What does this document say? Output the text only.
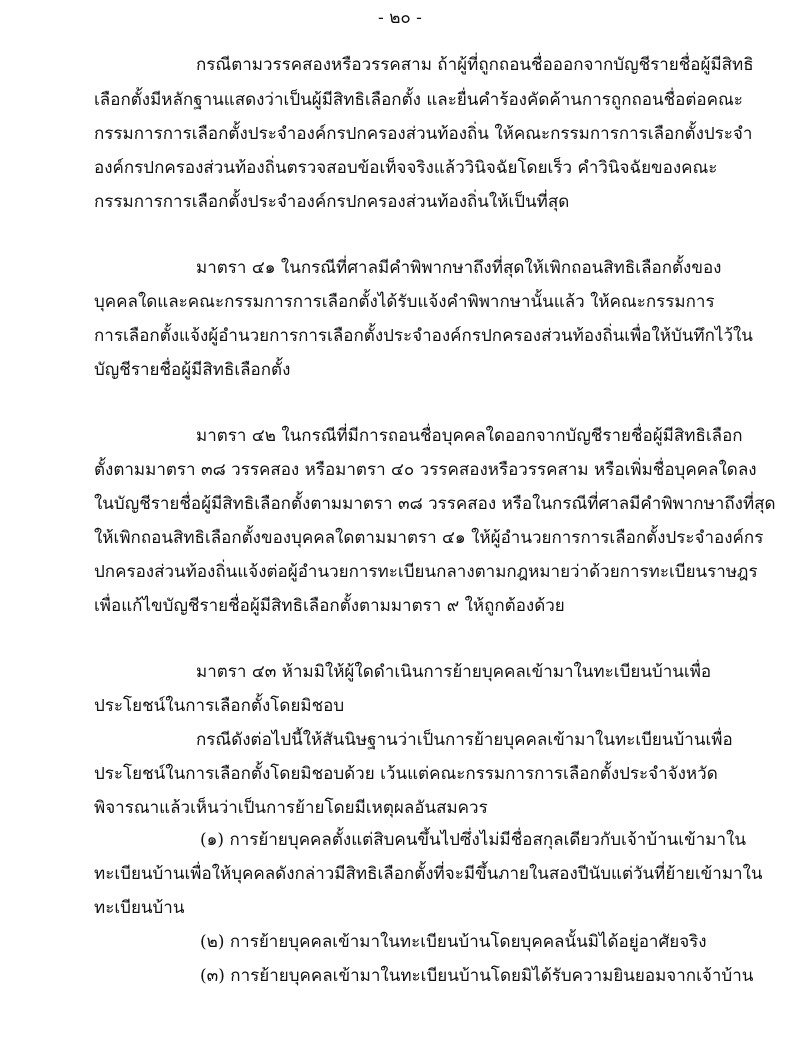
- ๒๐ -
กรณีตามวรรคสองหรือวรรคสาม ถ้าผู้ที่ถูกถอนชื่อออกจากบัญชีรายชื่อผู้มีสิทธิ
เลือกตั้งมีหลักฐานแสดงว่าเป็นผู้มีสิทธิเลือกตั้ง และยื่นคำร้องคัดค้านการถูกถอนชื่อต่อคณะ
กรรมการการเลือกตั้งประจำองค์กรปกครองส่วนท้องถิ่น ให้คณะกรรมการการเลือกตั้งประจำ
องค์กรปกครองส่วนท้องถิ่นตรวจสอบข้อเท็จจริงแล้ววินิจฉัยโดยเร็ว คำวินิจฉัยของคณะ
กรรมการการเลือกตั้งประจำองค์กรปกครองส่วนท้องถิ่นให้เป็นที่สุด
มาตรา ๔๑ ในกรณีที่ศาลมีคำพิพากษาถึงที่สุดให้เพิกถอนสิทธิเลือกตั้งของ
บุคคลใดและคณะกรรมการการเลือกตั้งได้รับแจ้งคำพิพากษานั้นแล้ว ให้คณะกรรมการ
การเลือกตั้งแจ้งผู้อำนวยการการเลือกตั้งประจำองค์กรปกครองส่วนท้องถิ่นเพื่อให้บันทึกไว้ใน
บัญชีรายชื่อผู้มีสิทธิเลือกตั้ง
มาตรา ๔๒ ในกรณีที่มีการถอนชื่อบุคคลใดออกจากบัญชีรายชื่อผู้มีสิทธิเลือก
ตั้งตามมาตรา ๓๘ วรรคสอง หรือมาตรา ๔๐ วรรคสองหรือวรรคสาม หรือเพิ่มชื่อบุคคลใดลง
ในบัญชีรายชื่อผู้มีสิทธิเลือกตั้งตามมาตรา ๓๘ วรรคสอง หรือในกรณีที่ศาลมีคำพิพากษาถึงที่สุด
ให้เพิกถอนสิทธิเลือกตั้งของบุคคลใดตามมาตรา ๔๑ ให้ผู้อำนวยการการเลือกตั้งประจำองค์กร
ปกครองส่วนท้องถิ่นแจ้งต่อผู้อำนวยการทะเบียนกลางตามกฎหมายว่าด้วยการทะเบียนราษฎร
เพื่อแก้ไขบัญชีรายชื่อผู้มีสิทธิเลือกตั้งตามมาตรา ๙ ให้ถูกต้องด้วย
มาตรา ๔๓ ห้ามมิให้ผู้ใดดำเนินการย้ายบุคคลเข้ามาในทะเบียนบ้านเพื่อ
ประโยชน์ในการเลือกตั้งโดยมิชอบ
กรณีดังต่อไปนี้ให้สันนิษฐานว่าเป็นการย้ายบุคคลเข้ามาในทะเบียนบ้านเพื่อ
ประโยชน์ในการเลือกตั้งโดยมิชอบด้วย เว้นแต่คณะกรรมการการเลือกตั้งประจำจังหวัด
พิจารณาแล้วเห็นว่าเป็นการย้ายโดยมีเหตุผลอันสมควร
(๑) การย้ายบุคคลตั้งแต่สิบคนขึ้นไปซึ่งไม่มีชื่อสกุลเดียวกับเจ้าบ้านเข้ามาใน
ทะเบียนบ้านเพื่อให้บุคคลดังกล่าวมีสิทธิเลือกตั้งที่จะมีขึ้นภายในสองปีนับแต่วันที่ย้ายเข้ามาใน
ทะเบียนบ้าน
(๒) การย้ายบุคคลเข้ามาในทะเบียนบ้านโดยบุคคลนั้นมิได้อยู่อาศัยจริง
(๓) การย้ายบุคคลเข้ามาในทะเบียนบ้านโดยมิได้รับความยินยอมจากเจ้าบ้าน
